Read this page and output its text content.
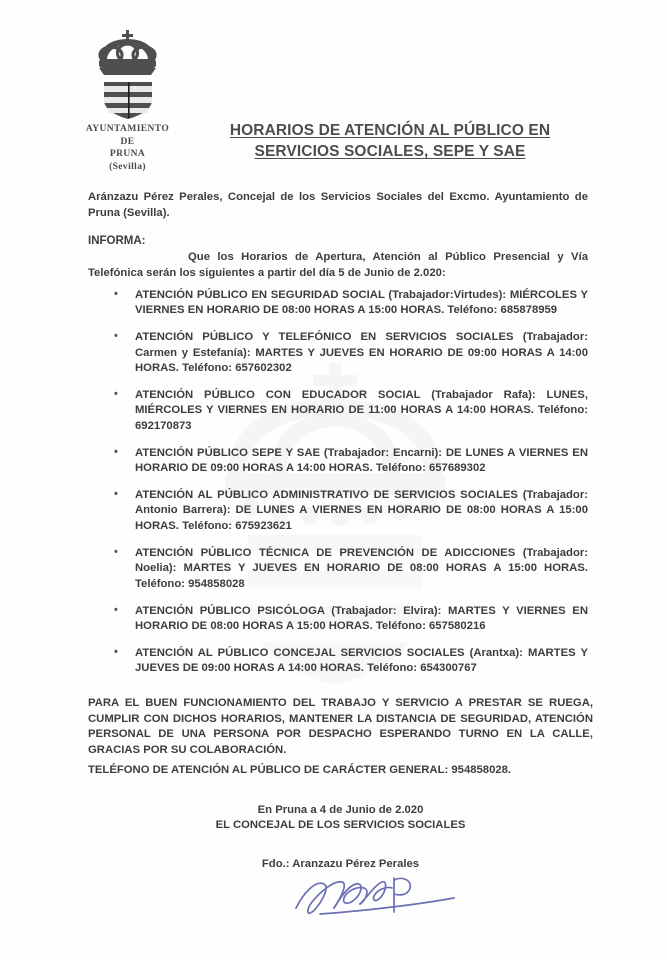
AYUNTAMIENTO
DE
PRUNA
(Sevilla)
HORARIOS DE ATENCIÓN AL PÚBLICO EN
SERVICIOS SOCIALES, SEPE Y SAE
Aránzazu Pérez Perales, Concejal de los Servicios Sociales del Excmo. Ayuntamiento de Pruna (Sevilla).
INFORMA:
Que los Horarios de Apertura, Atención al Público Presencial y Vía Telefónica serán los siguientes a partir del día 5 de Junio de 2.020:
• ATENCIÓN PÚBLICO EN SEGURIDAD SOCIAL (Trabajador:Virtudes): MIÉRCOLES Y VIERNES EN HORARIO DE 08:00 HORAS A 15:00 HORAS. Teléfono: 685878959
• ATENCIÓN PÚBLICO Y TELEFÓNICO EN SERVICIOS SOCIALES (Trabajador: Carmen y Estefanía): MARTES Y JUEVES EN HORARIO DE 09:00 HORAS A 14:00 HORAS. Teléfono: 657602302
• ATENCIÓN PÚBLICO CON EDUCADOR SOCIAL (Trabajador Rafa): LUNES, MIÉRCOLES Y VIERNES EN HORARIO DE 11:00 HORAS A 14:00 HORAS. Teléfono: 692170873
• ATENCIÓN PÚBLICO SEPE Y SAE (Trabajador: Encarni): DE LUNES A VIERNES EN HORARIO DE 09:00 HORAS A 14:00 HORAS. Teléfono: 657689302
• ATENCIÓN AL PÚBLICO ADMINISTRATIVO DE SERVICIOS SOCIALES (Trabajador: Antonio Barrera): DE LUNES A VIERNES EN HORARIO DE 08:00 HORAS A 15:00 HORAS. Teléfono: 675923621
• ATENCIÓN PÚBLICO TÉCNICA DE PREVENCIÓN DE ADICCIONES (Trabajador: Noelia): MARTES Y JUEVES EN HORARIO DE 08:00 HORAS A 15:00 HORAS. Teléfono: 954858028
• ATENCIÓN PÚBLICO PSICÓLOGA (Trabajador: Elvira): MARTES Y VIERNES EN HORARIO DE 08:00 HORAS A 15:00 HORAS. Teléfono: 657580216
• ATENCIÓN AL PÚBLICO CONCEJAL SERVICIOS SOCIALES (Arantxa): MARTES Y JUEVES DE 09:00 HORAS A 14:00 HORAS. Teléfono: 654300767
PARA EL BUEN FUNCIONAMIENTO DEL TRABAJO Y SERVICIO A PRESTAR SE RUEGA, CUMPLIR CON DICHOS HORARIOS, MANTENER LA DISTANCIA DE SEGURIDAD, ATENCIÓN PERSONAL DE UNA PERSONA POR DESPACHO ESPERANDO TURNO EN LA CALLE, GRACIAS POR SU COLABORACIÓN.
TELÉFONO DE ATENCIÓN AL PÚBLICO DE CARÁCTER GENERAL: 954858028.
En Pruna a 4 de Junio de 2.020
EL CONCEJAL DE LOS SERVICIOS SOCIALES
Fdo.: Aranzazu Pérez Perales
